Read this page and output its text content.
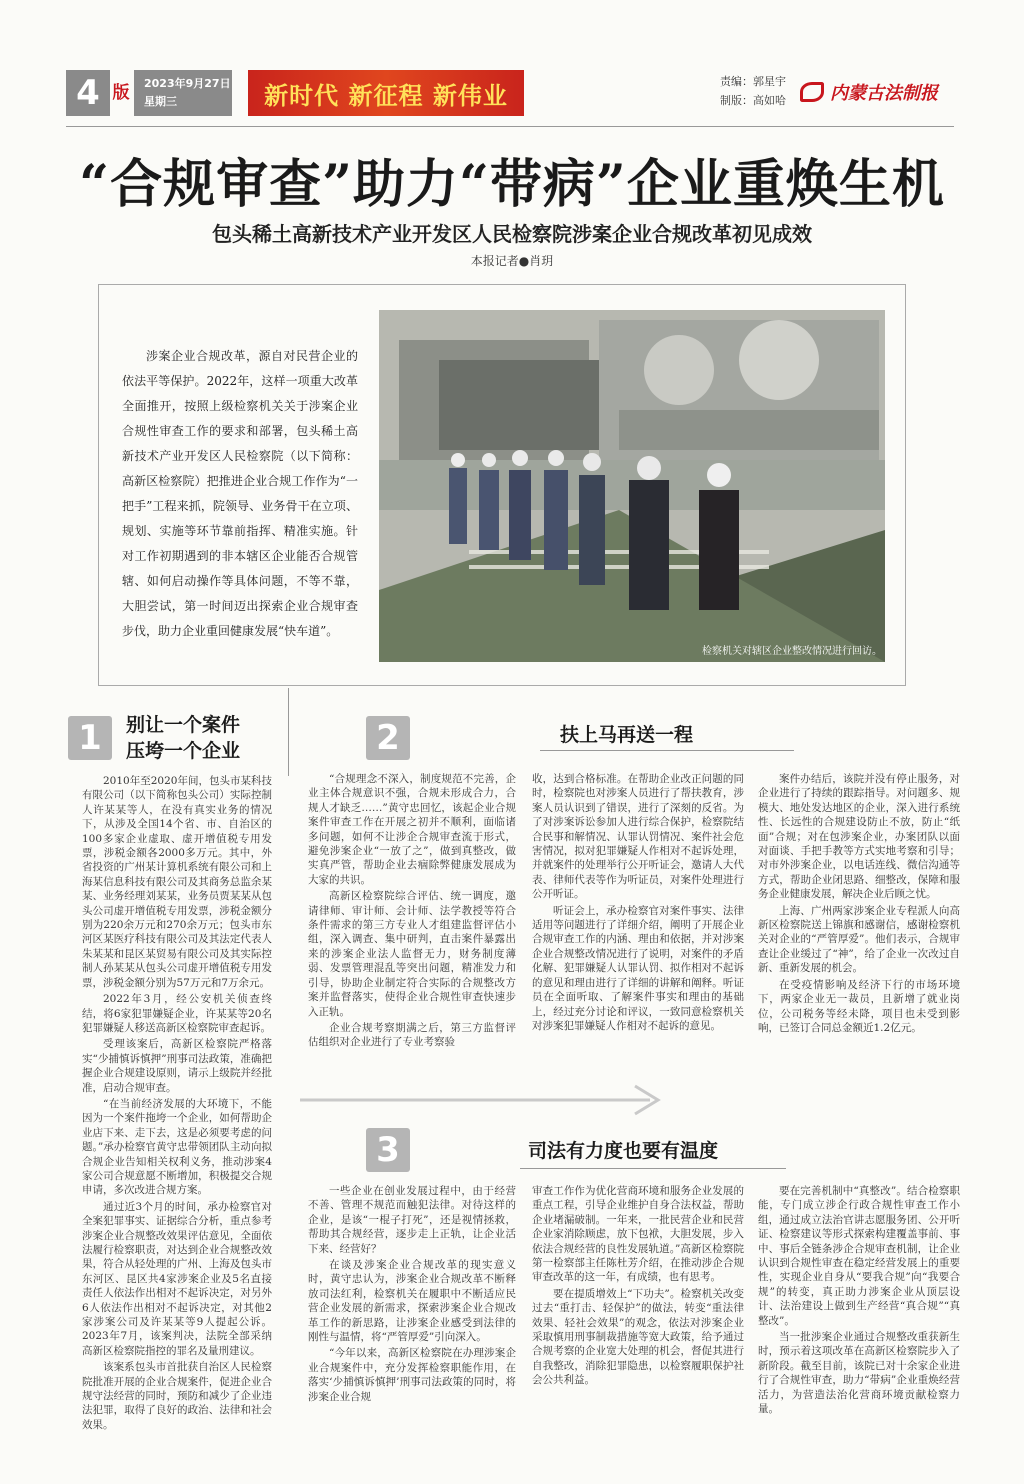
4 版 2023年9月27日
星期三	新时代 新征程 新伟业	责编：郭星宇
制版：高如哈 内蒙古法制报
“合规审查”助力“带病”企业重焕生机
包头稀土高新技术产业开发区人民检察院涉案企业合规改革初见成效
本报记者●肖玥
涉案企业合规改革，源自对民营企业的依法平等保护。2022年，这样一项重大改革全面推开，按照上级检察机关关于涉案企业合规性审查工作的要求和部署，包头稀土高新技术产业开发区人民检察院（以下简称：高新区检察院）把推进企业合规工作作为“一把手”工程来抓，院领导、业务骨干在立项、规划、实施等环节靠前指挥、精准实施。针对工作初期遇到的非本辖区企业能否合规管辖、如何启动操作等具体问题，不等不靠，大胆尝试，第一时间迈出探索企业合规审查步伐，助力企业重回健康发展“快车道”。
检察机关对辖区企业整改情况进行回访。
1	别让一个案件
压垮一个企业

2010年至2020年间，包头市某科技有限公司（以下简称包头公司）实际控制人许某某等人，在没有真实业务的情况下，从涉及全国14个省、市、自治区的100多家企业虚取、虚开增值税专用发票，涉税金额各2000多万元。其中，外省投资的广州某计算机系统有限公司和上海某信息科技有限公司及其商务总监余某某、业务经理刘某某，业务员贾某某从包头公司虚开增值税专用发票，涉税金额分别为220余万元和270余万元；包头市东河区某医疗科技有限公司及其法定代表人朱某某和昆区某贸易有限公司及其实际控制人孙某某从包头公司虚开增值税专用发票，涉税金额分别为57万元和7万余元。

2022年3月，经公安机关侦查终结，将6家犯罪嫌疑企业，许某某等20名犯罪嫌疑人移送高新区检察院审查起诉。

受理该案后，高新区检察院严格落实“少捕慎诉慎押”刑事司法政策，准确把握企业合规建设原则，请示上级院并经批准，启动合规审查。

“在当前经济发展的大环境下，不能因为一个案件拖垮一个企业，如何帮助企业店下来、走下去，这是必须要考虑的问题。”承办检察官黄守忠带领团队主动向拟合规企业告知相关权利义务，推动涉案4家公司合规意愿不断增加，积极提交合规申请，多次改进合规方案。

通过近3个月的时间，承办检察官对全案犯罪事实、证据综合分析，重点参考涉案企业合规整改效果评估意见，全面依法履行检察职责，对达到企业合规整改效果，符合从轻处理的广州、上海及包头市东河区、昆区共4家涉案企业及5名直接责任人依法作出相对不起诉决定，对另外6人依法作出相对不起诉决定，对其他2家涉案公司及许某某等9人提起公诉。2023年7月，该案判决，法院全部采纳高新区检察院指控的罪名及量刑建议。

该案系包头市首批获自治区人民检察院批准开展的企业合规案件，促进企业合规守法经营的同时，预防和减少了企业违法犯罪，取得了良好的政治、法律和社会效果。

2	扶上马再送一程

“合规理念不深入，制度规范不完善，企业主体合规意识不强，合规未形成合力，合规人才缺乏……”黄守忠回忆，该起企业合规案件审查工作在开展之初并不顺利，面临诸多问题，如何不让涉企合规审查流于形式，避免涉案企业“一放了之”，做到真整改，做实真严管，帮助企业去痼除弊健康发展成为大家的共识。

高新区检察院综合评估、统一调度，邀请律师、审计师、会计师、法学教授等符合条件需求的第三方专业人才组建监督评估小组，深入调查、集中研判，直击案件暴露出来的涉案企业法人监督无力，财务制度薄弱、发票管理混乱等突出问题，精准发力和引导，协助企业制定符合实际的合规整改方案并监督落实，使得企业合规性审查快速步入正轨。

企业合规考察期满之后，第三方监督评估组织对企业进行了专业考察验

收，达到合格标准。在帮助企业改正问题的同时，检察院也对涉案人员进行了帮扶教育，涉案人员认识到了错误，进行了深刻的反省。为了对涉案诉讼参加人进行综合保护，检察院结合民事和解情况、认罪认罚情况、案件社会危害情况，拟对犯罪嫌疑人作相对不起诉处理，并就案件的处理举行公开听证会，邀请人大代表、律师代表等作为听证员，对案件处理进行公开听证。

听证会上，承办检察官对案件事实、法律适用等问题进行了详细介绍，阐明了开展企业合规审查工作的内涵、理由和依据，并对涉案企业合规整改情况进行了说明，对案件的矛盾化解、犯罪嫌疑人认罪认罚、拟作相对不起诉的意见和理由进行了详细的讲解和阐释。听证员在全面听取、了解案件事实和理由的基础上，经过充分讨论和评议，一致同意检察机关对涉案犯罪嫌疑人作相对不起诉的意见。

案件办结后，该院并没有停止服务，对企业进行了持续的跟踪指导。对问题多、规模大、地处发达地区的企业，深入进行系统性、长远性的合规建设防止不放，防止“纸面”合规；对在包涉案企业，办案团队以面对面谈、手把手教等方式实地考察和引导；对市外涉案企业，以电话连线、微信沟通等方式，帮助企业闭思路、细整改，保障和服务企业健康发展，解决企业后顾之忧。

上海、广州两家涉案企业专程派人向高新区检察院送上锦旗和感谢信，感谢检察机关对企业的“严管厚爱”。他们表示，合规审查让企业缓过了“神”，给了企业一次改过自新、重新发展的机会。

在受疫情影响及经济下行的市场环境下，两家企业无一裁员，且新增了就业岗位，公司税务等经未降，项目也未受到影响，已签订合同总金额近1.2亿元。

3	司法有力度也要有温度

一些企业在创业发展过程中，由于经营不善、管理不规范而触犯法律。对待这样的企业，是该“一棍子打死”，还是视情拯救，帮助其合规经营，逐步走上正轨，让企业活下来、经营好？

在谈及涉案企业合规改革的现实意义时，黄守忠认为，涉案企业合规改革不断释放司法红利，检察机关在履职中不断适应民营企业发展的新需求，探索涉案企业合规改革工作的新思路，让涉案企业感受到法律的刚性与温情，将“严管厚爱”引向深入。

“今年以来，高新区检察院在办理涉案企业合规案件中，充分发挥检察职能作用，在落实‘少捕慎诉慎押’刑事司法政策的同时，将涉案企业合规

审查工作作为优化营商环境和服务企业发展的重点工程，引导企业维护自身合法权益，帮助企业堵漏破制。一年来，一批民营企业和民营企业家消除顾虑，放下包袱，大胆发展，步入依法合规经营的良性发展轨道。”高新区检察院第一检察部主任陈杜芳介绍，在推动涉企合规审查改革的这一年，有成绩，也有思考。

要在提质增效上“下功夫”。检察机关改变过去“重打击、轻保护”的做法，转变“重法律效果、轻社会效果”的观念，依法对涉案企业采取慎用刑事制裁措施等宽大政策，给予通过合规考察的企业宽大处理的机会，督促其进行自我整改，消除犯罪隐患，以检察履职保护社会公共利益。

要在完善机制中“真整改”。结合检察职能，专门成立涉企行政合规性审查工作小组，通过成立法治官讲志愿服务团、公开听证、检察建议等形式探索构建覆盖事前、事中、事后全链条涉企合规审查机制，让企业认识到合规性审查在稳定经营发展上的重要性，实现企业自身从“要我合规”向“我要合规”的转变，真正助力涉案企业从顶层设计、法治建设上做到生产经营“真合规”“真整改”。

当一批涉案企业通过合规整改重获新生时，预示着这项改革在高新区检察院步入了新阶段。截至目前，该院已对十余家企业进行了合规性审查，助力“带病”企业重焕经营活力，为营造法治化营商环境贡献检察力量。
